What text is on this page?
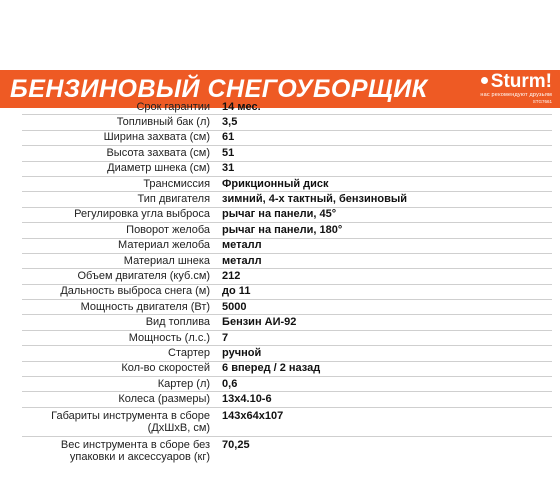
БЕНЗИНОВЫЙ СНЕГОУБОРЩИК	Sturm!
нас рекомендуют друзьям
STG7661
Срок гарантии	14 мес.
Топливный бак (л)	3,5
Ширина захвата (см)	61
Высота захвата (см)	51
Диаметр шнека (см)	31
Трансмиссия	Фрикционный диск
Тип двигателя	зимний, 4-х тактный, бензиновый
Регулировка угла выброса	рычаг на панели, 45°
Поворот желоба	рычаг на панели, 180°
Материал желоба	металл
Материал шнека	металл
Объем двигателя (куб.см)	212
Дальность выброса снега (м)	до 11
Мощность двигателя (Вт)	5000
Вид топлива	Бензин АИ-92
Мощность (л.с.)	7
Стартер	ручной
Кол-во скоростей	6 вперед / 2 назад
Картер (л)	0,6
Колеса (размеры)	13х4.10-6
Габариты инструмента в сборе (ДхШхВ, см)	143х64х107
Вес инструмента в сборе без упаковки и аксессуаров (кг)	70,25
